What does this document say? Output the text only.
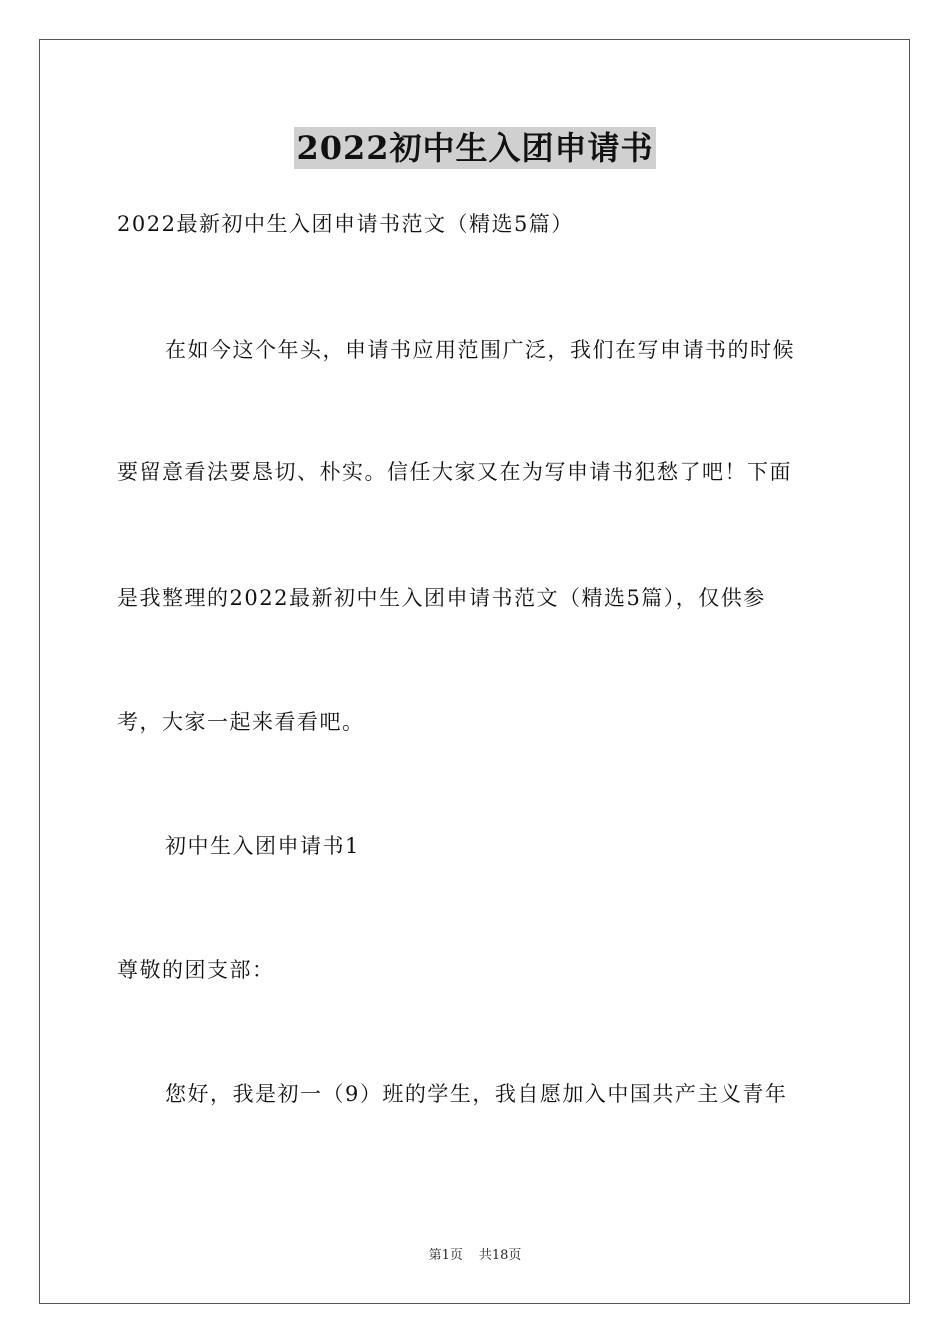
2022初中生入团申请书
2022最新初中生入团申请书范文（精选5篇）
在如今这个年头，申请书应用范围广泛，我们在写申请书的时候
要留意看法要恳切、朴实。信任大家又在为写申请书犯愁了吧！下面
是我整理的2022最新初中生入团申请书范文（精选5篇），仅供参
考，大家一起来看看吧。
初中生入团申请书1
尊敬的团支部：
您好，我是初一（9）班的学生，我自愿加入中国共产主义青年
第1页 共18页
